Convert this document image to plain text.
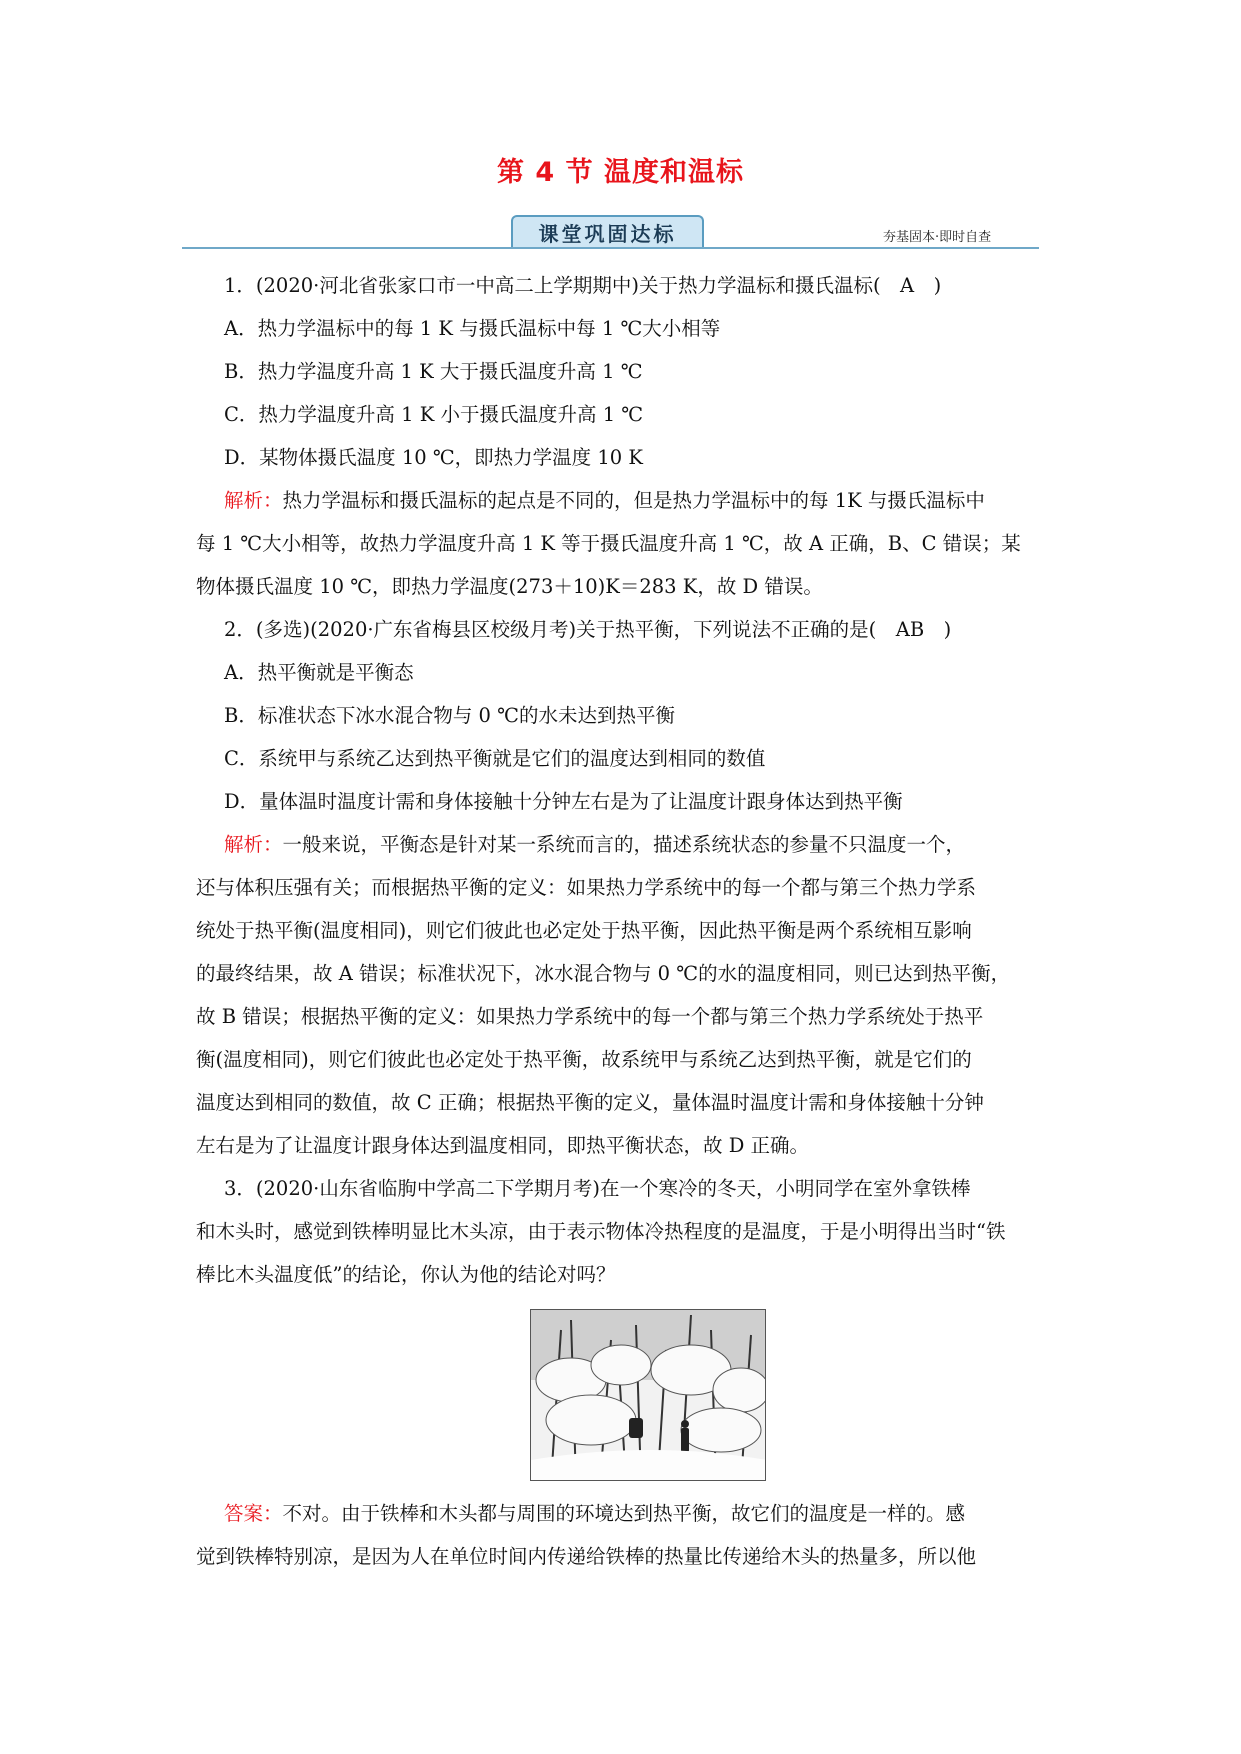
第 4 节 温度和温标
课堂巩固达标	夯基固本·即时自查
1．(2020·河北省张家口市一中高二上学期期中)关于热力学温标和摄氏温标(　A　)
A．热力学温标中的每 1 K 与摄氏温标中每 1 ℃大小相等
B．热力学温度升高 1 K 大于摄氏温度升高 1 ℃
C．热力学温度升高 1 K 小于摄氏温度升高 1 ℃
D．某物体摄氏温度 10 ℃，即热力学温度 10 K
解析：热力学温标和摄氏温标的起点是不同的，但是热力学温标中的每 1K 与摄氏温标中
每 1 ℃大小相等，故热力学温度升高 1 K 等于摄氏温度升高 1 ℃，故 A 正确，B、C 错误；某
物体摄氏温度 10 ℃，即热力学温度(273＋10)K＝283 K，故 D 错误。
2．(多选)(2020·广东省梅县区校级月考)关于热平衡，下列说法不正确的是(　AB　)
A．热平衡就是平衡态
B．标准状态下冰水混合物与 0 ℃的水未达到热平衡
C．系统甲与系统乙达到热平衡就是它们的温度达到相同的数值
D．量体温时温度计需和身体接触十分钟左右是为了让温度计跟身体达到热平衡
解析：一般来说，平衡态是针对某一系统而言的，描述系统状态的参量不只温度一个，
还与体积压强有关；而根据热平衡的定义：如果热力学系统中的每一个都与第三个热力学系
统处于热平衡(温度相同)，则它们彼此也必定处于热平衡，因此热平衡是两个系统相互影响
的最终结果，故 A 错误；标准状况下，冰水混合物与 0 ℃的水的温度相同，则已达到热平衡，
故 B 错误；根据热平衡的定义：如果热力学系统中的每一个都与第三个热力学系统处于热平
衡(温度相同)，则它们彼此也必定处于热平衡，故系统甲与系统乙达到热平衡，就是它们的
温度达到相同的数值，故 C 正确；根据热平衡的定义，量体温时温度计需和身体接触十分钟
左右是为了让温度计跟身体达到温度相同，即热平衡状态，故 D 正确。
3．(2020·山东省临朐中学高二下学期月考)在一个寒冷的冬天，小明同学在室外拿铁棒
和木头时，感觉到铁棒明显比木头凉，由于表示物体冷热程度的是温度，于是小明得出当时“铁
棒比木头温度低”的结论，你认为他的结论对吗？
答案：不对。由于铁棒和木头都与周围的环境达到热平衡，故它们的温度是一样的。感
觉到铁棒特别凉，是因为人在单位时间内传递给铁棒的热量比传递给木头的热量多，所以他
